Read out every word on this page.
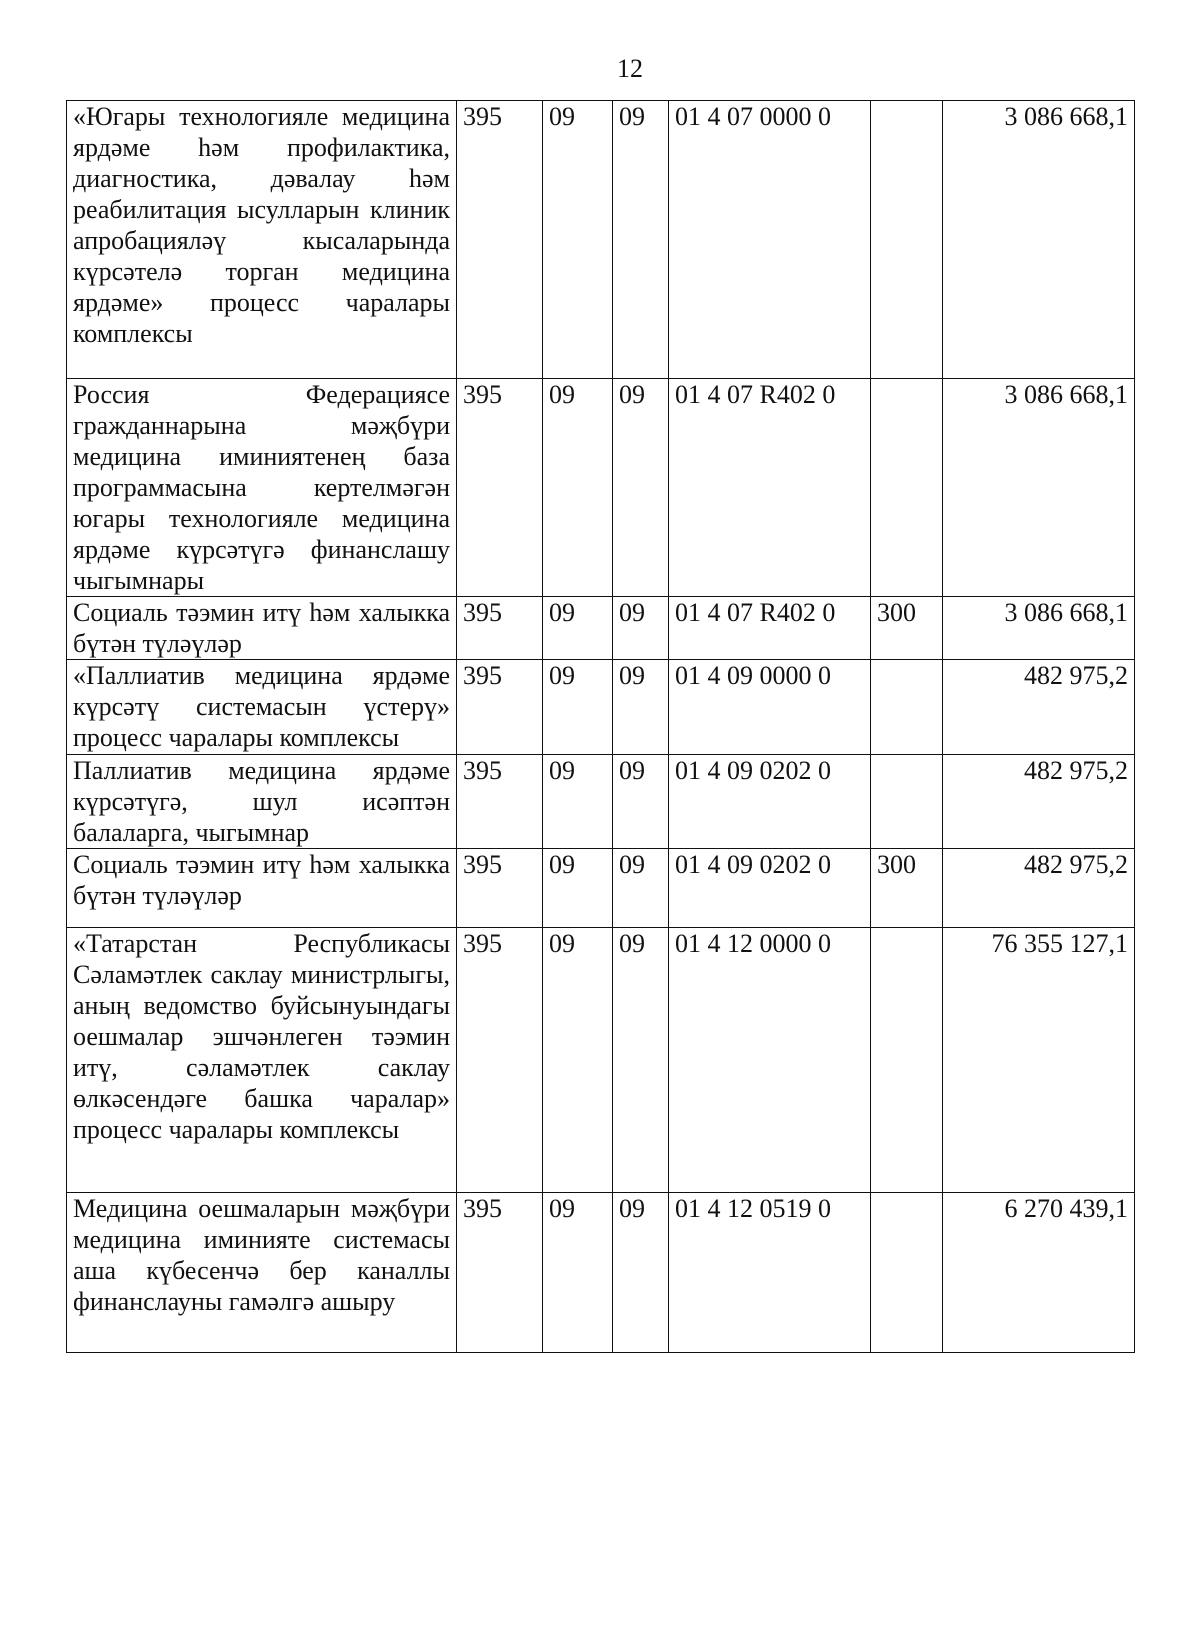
12
«Югары технологияле медицина ярдәме һәм профилактика, диагностика, дәвалау һәм реабилитация ысулларын клиник апробацияләү кысаларында күрсәтелә торган медицина ярдәме» процесс чаралары комплексы	395	09	09	01 4 07 0000 0		3 086 668,1
Россия Федерациясе гражданнарына мәҗбүри медицина иминиятенең база программасына кертелмәгән югары технологияле медицина ярдәме күрсәтүгә финанслашу чыгымнары	395	09	09	01 4 07 R402 0		3 086 668,1
Социаль тәэмин итү һәм халыкка бүтән түләүләр	395	09	09	01 4 07 R402 0	300	3 086 668,1
«Паллиатив медицина ярдәме күрсәтү системасын үстерү» процесс чаралары комплексы	395	09	09	01 4 09 0000 0		482 975,2
Паллиатив медицина ярдәме күрсәтүгә, шул исәптән балаларга, чыгымнар	395	09	09	01 4 09 0202 0		482 975,2
Социаль тәэмин итү һәм халыкка бүтән түләүләр	395	09	09	01 4 09 0202 0	300	482 975,2
«Татарстан Республикасы Сәламәтлек саклау министрлыгы, аның ведомство буйсынуындагы оешмалар эшчәнлеген тәэмин итү, сәламәтлек саклау өлкәсендәге башка чаралар» процесс чаралары комплексы	395	09	09	01 4 12 0000 0		76 355 127,1
Медицина оешмаларын мәҗбүри медицина иминияте системасы аша күбесенчә бер каналлы финанслауны гамәлгә ашыру	395	09	09	01 4 12 0519 0		6 270 439,1
